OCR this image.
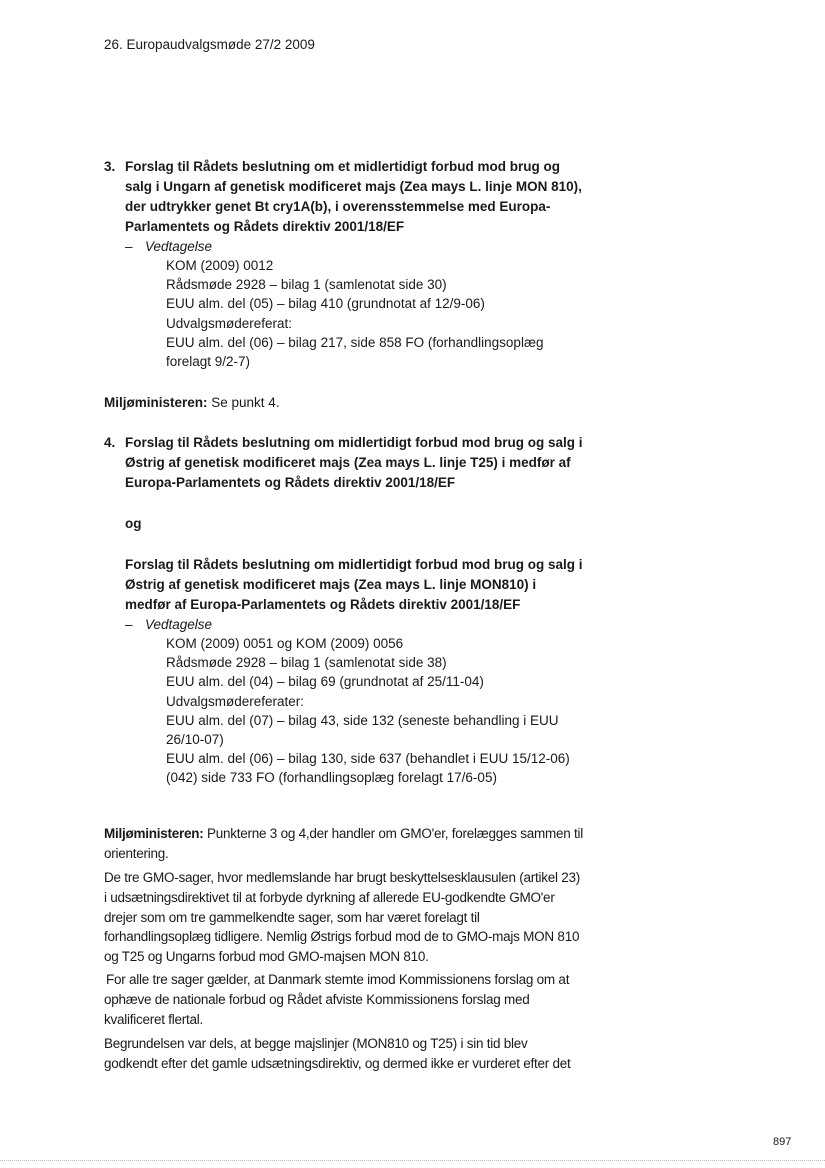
26. Europaudvalgsmøde 27/2 2009
3. Forslag til Rådets beslutning om et midlertidigt forbud mod brug og salg i Ungarn af genetisk modificeret majs (Zea mays L. linje MON 810), der udtrykker genet Bt cry1A(b), i overensstemmelse med Europa-Parlamentets og Rådets direktiv 2001/18/EF
– Vedtagelse
KOM (2009) 0012
Rådsmøde 2928 – bilag 1 (samlenotat side 30)
EUU alm. del (05) – bilag 410 (grundnotat af 12/9-06)
Udvalgsmødereferat:
EUU alm. del (06) – bilag 217, side 858 FO (forhandlingsoplæg forelagt 9/2-7)
Miljøministeren: Se punkt 4.
4. Forslag til Rådets beslutning om midlertidigt forbud mod brug og salg i Østrig af genetisk modificeret majs (Zea mays L. linje T25) i medfør af Europa-Parlamentets og Rådets direktiv 2001/18/EF
og
Forslag til Rådets beslutning om midlertidigt forbud mod brug og salg i Østrig af genetisk modificeret majs (Zea mays L. linje MON810) i medfør af Europa-Parlamentets og Rådets direktiv 2001/18/EF
– Vedtagelse
KOM (2009) 0051 og KOM (2009) 0056
Rådsmøde 2928 – bilag 1 (samlenotat side 38)
EUU alm. del (04) – bilag 69 (grundnotat af 25/11-04)
Udvalgsmødereferater:
EUU alm. del (07) – bilag 43, side 132 (seneste behandling i EUU 26/10-07)
EUU alm. del (06) – bilag 130, side 637 (behandlet i EUU 15/12-06)
(042) side 733 FO (forhandlingsoplæg forelagt 17/6-05)
Miljøministeren: Punkterne 3 og 4,der handler om GMO'er, forelægges sammen til orientering.
De tre GMO-sager, hvor medlemslande har brugt beskyttelsesklausulen (artikel 23) i udsætningsdirektivet til at forbyde dyrkning af allerede EU-godkendte GMO'er drejer som om tre gammelkendte sager, som har været forelagt til forhandlingsoplæg tidligere. Nemlig Østrigs forbud mod de to GMO-majs MON 810 og T25 og Ungarns forbud mod GMO-majsen MON 810.
For alle tre sager gælder, at Danmark stemte imod Kommissionens forslag om at ophæve de nationale forbud og Rådet afviste Kommissionens forslag med kvalificeret flertal.
Begrundelsen var dels, at begge majslinjer (MON810 og T25) i sin tid blev godkendt efter det gamle udsætningsdirektiv, og dermed ikke er vurderet efter det
897
